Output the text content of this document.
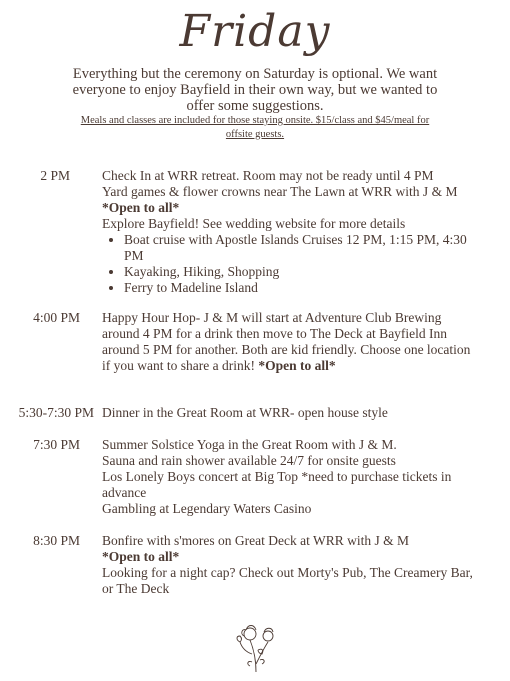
Friday
Everything but the ceremony on Saturday is optional. We want everyone to enjoy Bayfield in their own way, but we wanted to offer some suggestions.
Meals and classes are included for those staying onsite. $15/class and $45/meal for offsite guests.
2 PM Check In at WRR retreat. Room may not be ready until 4 PM

Yard games & flower crowns near The Lawn at WRR with J & M *Open to all*

Explore Bayfield! See wedding website for more details

• Boat cruise with Apostle Islands Cruises 12 PM, 1:15 PM, 4:30 PM
• Kayaking, Hiking, Shopping
• Ferry to Madeline Island
4:00 PM Happy Hour Hop- J & M will start at Adventure Club Brewing around 4 PM for a drink then move to The Deck at Bayfield Inn around 5 PM for another. Both are kid friendly. Choose one location if you want to share a drink! *Open to all*

5:30-7:30 PM Dinner in the Great Room at WRR- open house style

7:30 PM Summer Solstice Yoga in the Great Room with J & M.

Sauna and rain shower available 24/7 for onsite guests

Los Lonely Boys concert at Big Top *need to purchase tickets in advance

Gambling at Legendary Waters Casino

8:30 PM Bonfire with s'mores on Great Deck at WRR with J & M

*Open to all*

Looking for a night cap? Check out Morty's Pub, The Creamery Bar, or The Deck
